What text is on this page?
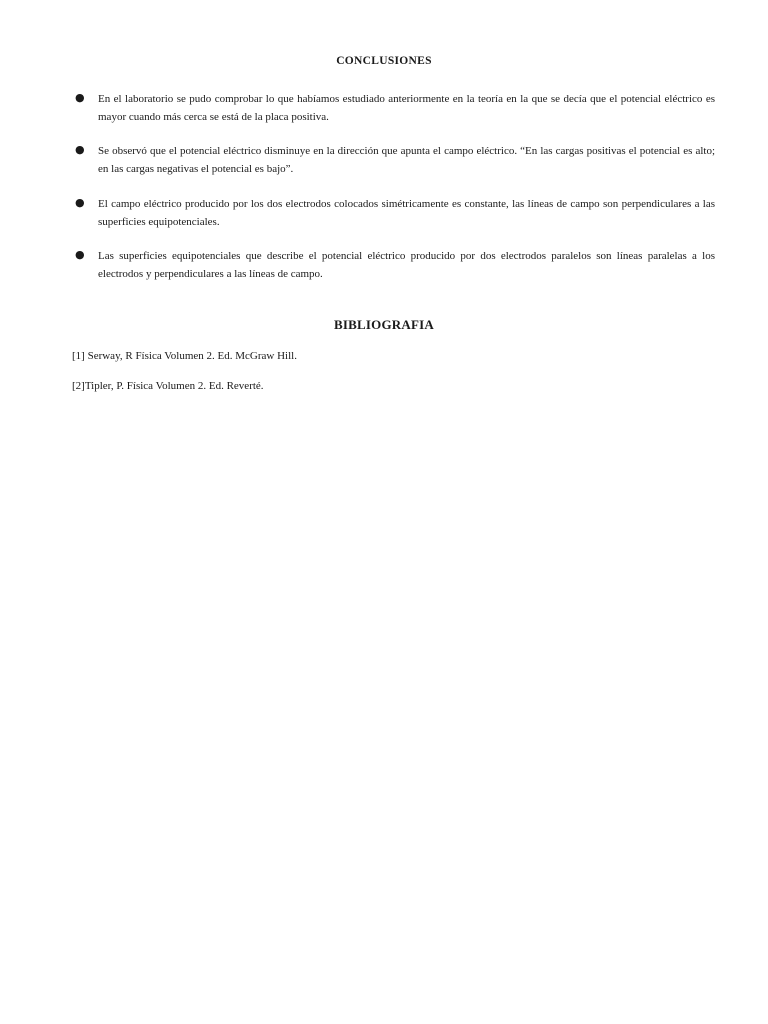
CONCLUSIONES
● En el laboratorio se pudo comprobar lo que habíamos estudiado anteriormente en la teoría en la que se decía que el potencial eléctrico es mayor cuando más cerca se está de la placa positiva.
● Se observó que el potencial eléctrico disminuye en la dirección que apunta el campo eléctrico. “En las cargas positivas el potencial es alto; en las cargas negativas el potencial es bajo”.
● El campo eléctrico producido por los dos electrodos colocados simétricamente es constante, las líneas de campo son perpendiculares a las superficies equipotenciales.
● Las superficies equipotenciales que describe el potencial eléctrico producido por dos electrodos paralelos son líneas paralelas a los electrodos y perpendiculares a las líneas de campo.
BIBLIOGRAFIA

[1] Serway, R Física Volumen 2. Ed. McGraw Hill.

[2]Tipler, P. Física Volumen 2. Ed. Reverté.
